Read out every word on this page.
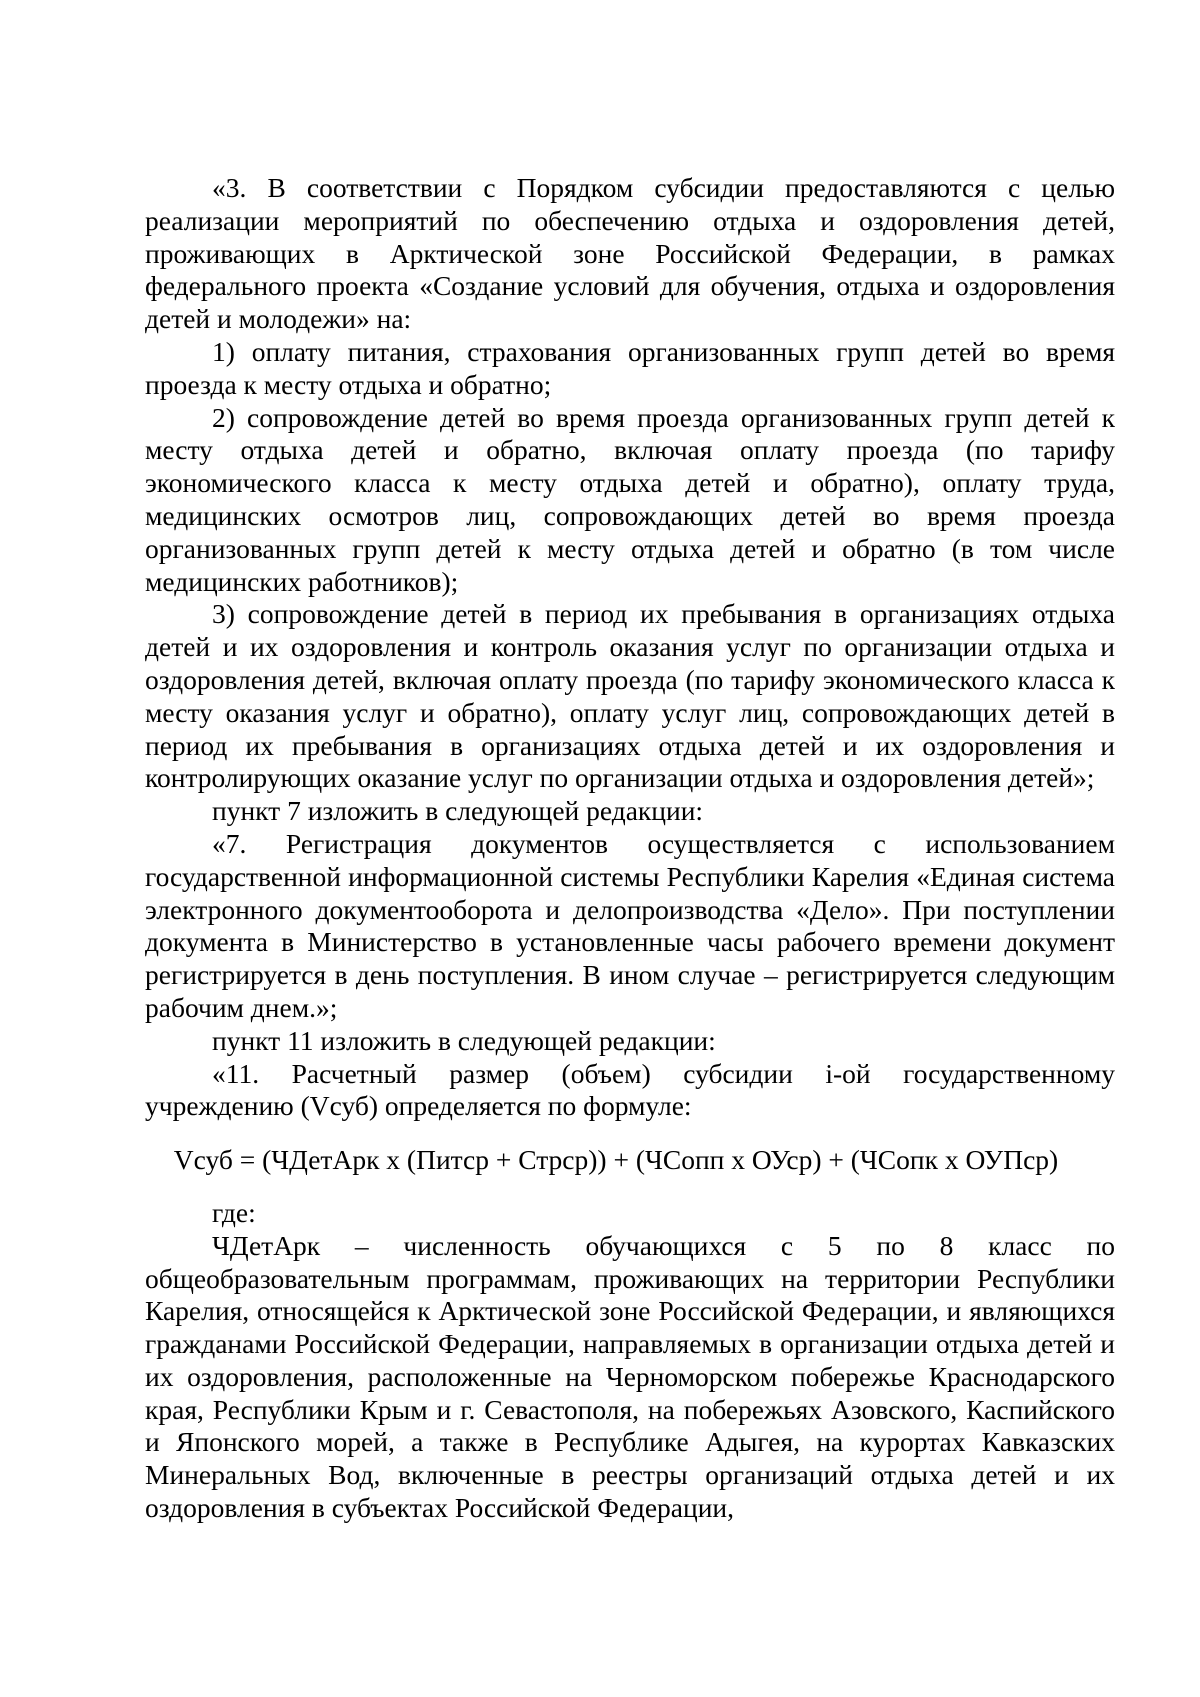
«3. В соответствии с Порядком субсидии предоставляются с целью реализации мероприятий по обеспечению отдыха и оздоровления детей, проживающих в Арктической зоне Российской Федерации, в рамках федерального проекта «Создание условий для обучения, отдыха и оздоровления детей и молодежи» на:

1) оплату питания, страхования организованных групп детей во время проезда к месту отдыха и обратно;

2) сопровождение детей во время проезда организованных групп детей к месту отдыха детей и обратно, включая оплату проезда (по тарифу экономического класса к месту отдыха детей и обратно), оплату труда, медицинских осмотров лиц, сопровождающих детей во время проезда организованных групп детей к месту отдыха детей и обратно (в том числе медицинских работников);

3) сопровождение детей в период их пребывания в организациях отдыха детей и их оздоровления и контроль оказания услуг по организации отдыха и оздоровления детей, включая оплату проезда (по тарифу экономического класса к месту оказания услуг и обратно), оплату услуг лиц, сопровождающих детей в период их пребывания в организациях отдыха детей и их оздоровления и контролирующих оказание услуг по организации отдыха и оздоровления детей»;

пункт 7 изложить в следующей редакции:

«7. Регистрация документов осуществляется с использованием государственной информационной системы Республики Карелия «Единая система электронного документооборота и делопроизводства «Дело». При поступлении документа в Министерство в установленные часы рабочего времени документ регистрируется в день поступления. В ином случае – регистрируется следующим рабочим днем.»;

пункт 11 изложить в следующей редакции:

«11. Расчетный размер (объем) субсидии i-ой государственному учреждению (Vсуб) определяется по формуле:

Vсуб = (ЧДетАрк х (Питср + Стрср)) + (ЧСопп х ОУср) + (ЧСопк х ОУПср)

где:

ЧДетАрк – численность обучающихся с 5 по 8 класс по общеобразовательным программам, проживающих на территории Республики Карелия, относящейся к Арктической зоне Российской Федерации, и являющихся гражданами Российской Федерации, направляемых в организации отдыха детей и их оздоровления, расположенные на Черноморском побережье Краснодарского края, Республики Крым и г. Севастополя, на побережьях Азовского, Каспийского и Японского морей, а также в Республике Адыгея, на курортах Кавказских Минеральных Вод, включенные в реестры организаций отдыха детей и их оздоровления в субъектах Российской Федерации,
